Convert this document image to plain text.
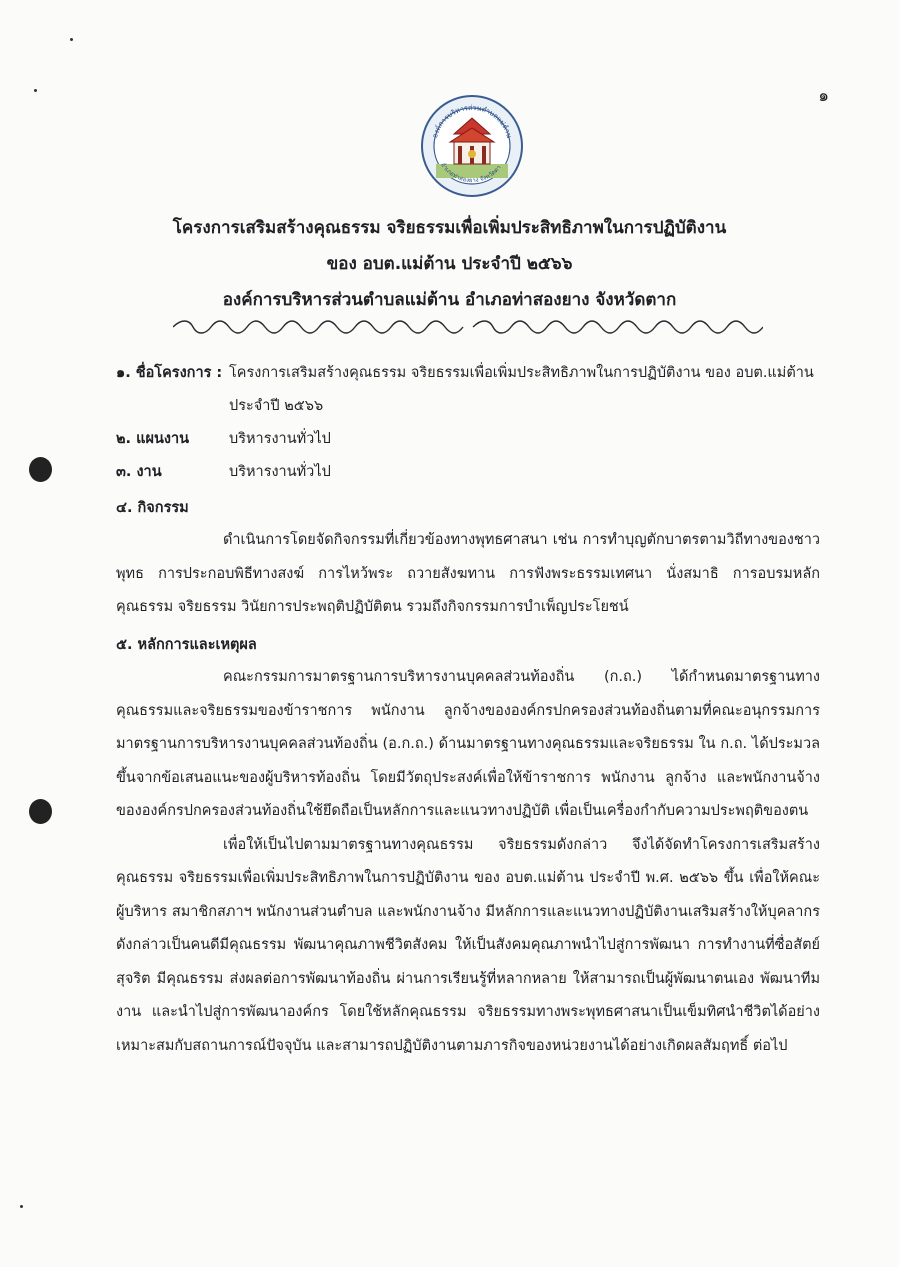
๑
องค์การบริหารส่วนตำบลแม่ต้าน
อำเภอท่าสองยาง จังหวัดตา
โครงการเสริมสร้างคุณธรรม จริยธรรมเพื่อเพิ่มประสิทธิภาพในการปฏิบัติงาน
ของ อบต.แม่ต้าน ประจำปี ๒๕๖๖
องค์การบริหารส่วนตำบลแม่ต้าน อำเภอท่าสองยาง จังหวัดตาก
๑. ชื่อโครงการ : โครงการเสริมสร้างคุณธรรม จริยธรรมเพื่อเพิ่มประสิทธิภาพในการปฏิบัติงาน ของ อบต.แม่ต้าน
ประจำปี ๒๕๖๖
๒. แผนงาน	บริหารงานทั่วไป
๓. งาน	บริหารงานทั่วไป
๔. กิจกรรม

ดำเนินการโดยจัดกิจกรรมที่เกี่ยวข้องทางพุทธศาสนา เช่น การทำบุญตักบาตรตามวิถีทางของชาวพุทธ การประกอบพิธีทางสงฆ์ การไหว้พระ ถวายสังฆทาน การฟังพระธรรมเทศนา นั่งสมาธิ การอบรมหลักคุณธรรม จริยธรรม วินัยการประพฤติปฏิบัติตน รวมถึงกิจกรรมการบำเพ็ญประโยชน์

๕. หลักการและเหตุผล

คณะกรรมการมาตรฐานการบริหารงานบุคคลส่วนท้องถิ่น (ก.ถ.) ได้กำหนดมาตรฐานทางคุณธรรมและจริยธรรมของข้าราชการ พนักงาน ลูกจ้างขององค์กรปกครองส่วนท้องถิ่นตามที่คณะอนุกรรมการมาตรฐานการบริหารงานบุคคลส่วนท้องถิ่น (อ.ก.ถ.) ด้านมาตรฐานทางคุณธรรมและจริยธรรม ใน ก.ถ. ได้ประมวลขึ้นจากข้อเสนอแนะของผู้บริหารท้องถิ่น โดยมีวัตถุประสงค์เพื่อให้ข้าราชการ พนักงาน ลูกจ้าง และพนักงานจ้างขององค์กรปกครองส่วนท้องถิ่นใช้ยึดถือเป็นหลักการและแนวทางปฏิบัติ เพื่อเป็นเครื่องกำกับความประพฤติของตน

เพื่อให้เป็นไปตามมาตรฐานทางคุณธรรม จริยธรรมดังกล่าว จึงได้จัดทำโครงการเสริมสร้างคุณธรรม จริยธรรมเพื่อเพิ่มประสิทธิภาพในการปฏิบัติงาน ของ อบต.แม่ต้าน ประจำปี พ.ศ. ๒๕๖๖ ขึ้น เพื่อให้คณะผู้บริหาร สมาชิกสภาฯ พนักงานส่วนตำบล และพนักงานจ้าง มีหลักการและแนวทางปฏิบัติงานเสริมสร้างให้บุคลากรดังกล่าวเป็นคนดีมีคุณธรรม พัฒนาคุณภาพชีวิตสังคม ให้เป็นสังคมคุณภาพนำไปสู่การพัฒนา การทำงานที่ซื่อสัตย์สุจริต มีคุณธรรม ส่งผลต่อการพัฒนาท้องถิ่น ผ่านการเรียนรู้ที่หลากหลาย ให้สามารถเป็นผู้พัฒนาตนเอง พัฒนาทีมงาน และนำไปสู่การพัฒนาองค์กร โดยใช้หลักคุณธรรม จริยธรรมทางพระพุทธศาสนาเป็นเข็มทิศนำชีวิตได้อย่างเหมาะสมกับสถานการณ์ปัจจุบัน และสามารถปฏิบัติงานตามภารกิจของหน่วยงานได้อย่างเกิดผลสัมฤทธิ์ ต่อไป
